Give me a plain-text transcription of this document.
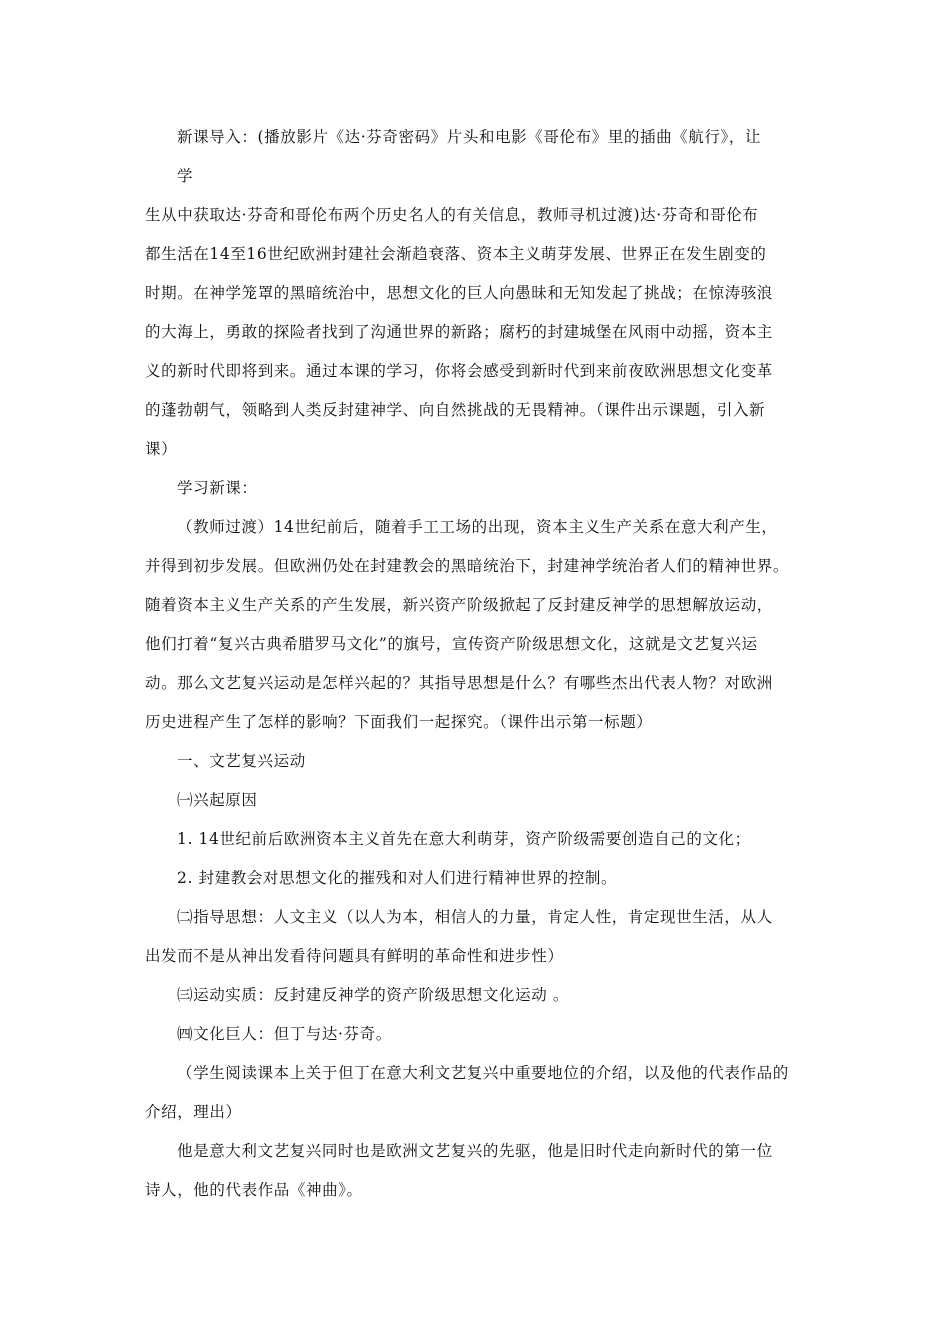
新课导入：(播放影片《达·芬奇密码》片头和电影《哥伦布》里的插曲《航行》，让
学
生从中获取达·芬奇和哥伦布两个历史名人的有关信息，教师寻机过渡)达·芬奇和哥伦布
都生活在14至16世纪欧洲封建社会渐趋衰落、资本主义萌芽发展、世界正在发生剧变的
时期。在神学笼罩的黑暗统治中，思想文化的巨人向愚昧和无知发起了挑战；在惊涛骇浪
的大海上，勇敢的探险者找到了沟通世界的新路；腐朽的封建城堡在风雨中动摇，资本主
义的新时代即将到来。通过本课的学习，你将会感受到新时代到来前夜欧洲思想文化变革
的蓬勃朝气，领略到人类反封建神学、向自然挑战的无畏精神。（课件出示课题，引入新
课）
学习新课：
（教师过渡）14世纪前后，随着手工工场的出现，资本主义生产关系在意大利产生，
并得到初步发展。但欧洲仍处在封建教会的黑暗统治下，封建神学统治者人们的精神世界。
随着资本主义生产关系的产生发展，新兴资产阶级掀起了反封建反神学的思想解放运动，
他们打着“复兴古典希腊罗马文化”的旗号，宣传资产阶级思想文化，这就是文艺复兴运
动。那么文艺复兴运动是怎样兴起的？其指导思想是什么？有哪些杰出代表人物？对欧洲
历史进程产生了怎样的影响？下面我们一起探究。（课件出示第一标题）
一、文艺复兴运动
㈠兴起原因
1. 14世纪前后欧洲资本主义首先在意大利萌芽，资产阶级需要创造自己的文化；
2. 封建教会对思想文化的摧残和对人们进行精神世界的控制。
㈡指导思想：人文主义（以人为本，相信人的力量，肯定人性，肯定现世生活，从人
出发而不是从神出发看待问题具有鲜明的革命性和进步性）
㈢运动实质：反封建反神学的资产阶级思想文化运动 。
㈣文化巨人：但丁与达·芬奇。
（学生阅读课本上关于但丁在意大利文艺复兴中重要地位的介绍，以及他的代表作品的
介绍，理出）
他是意大利文艺复兴同时也是欧洲文艺复兴的先驱，他是旧时代走向新时代的第一位
诗人，他的代表作品《神曲》。
